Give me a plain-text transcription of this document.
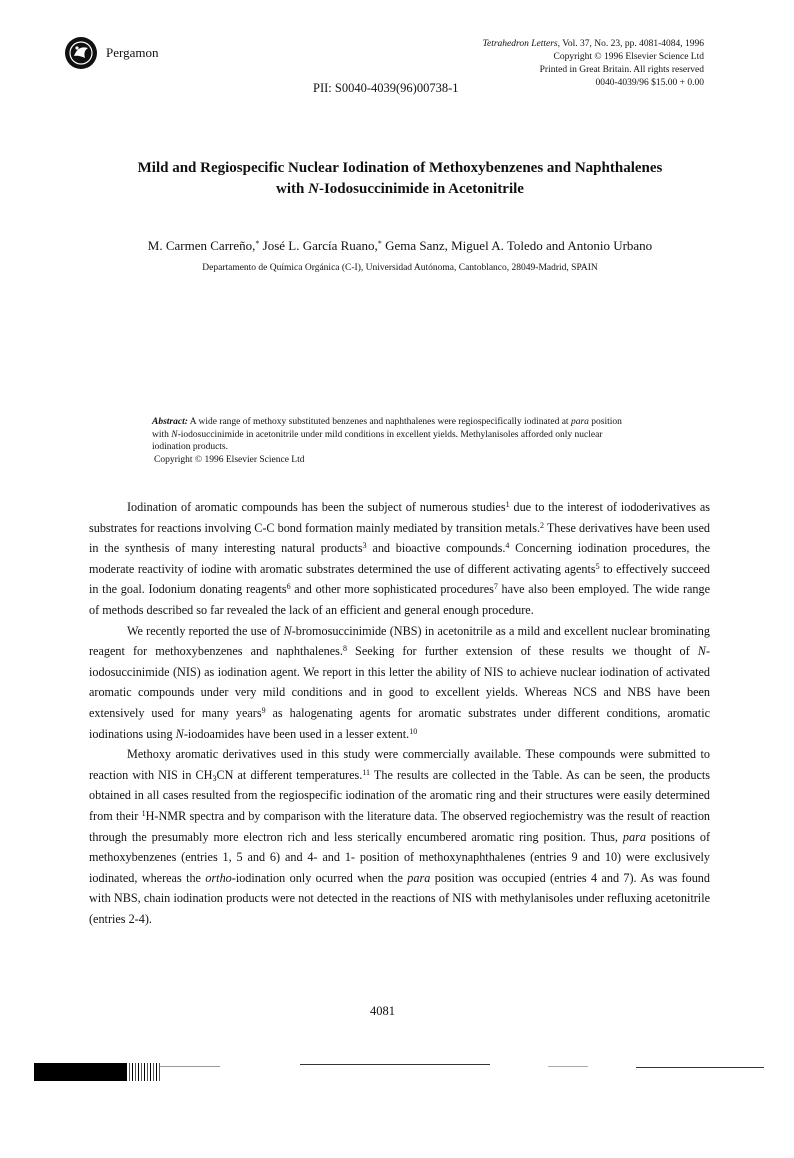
Pergamon
Tetrahedron Letters, Vol. 37, No. 23, pp. 4081-4084, 1996
Copyright © 1996 Elsevier Science Ltd
Printed in Great Britain. All rights reserved
0040-4039/96 $15.00 + 0.00
PII: S0040-4039(96)00738-1
Mild and Regiospecific Nuclear Iodination of Methoxybenzenes and Naphthalenes
with N-Iodosuccinimide in Acetonitrile
M. Carmen Carreño,* José L. García Ruano,* Gema Sanz, Miguel A. Toledo and Antonio Urbano
Departamento de Química Orgánica (C-I), Universidad Autónoma, Cantoblanco, 28049-Madrid, SPAIN
Abstract: A wide range of methoxy substituted benzenes and naphthalenes were regiospecifically iodinated at para position with N-iodosuccinimide in acetonitrile under mild conditions in excellent yields. Methylanisoles afforded only nuclear iodination products.
Copyright © 1996 Elsevier Science Ltd

Iodination of aromatic compounds has been the subject of numerous studies$^1$ due to the interest of iododerivatives as substrates for reactions involving C-C bond formation mainly mediated by transition metals.$^2$ These derivatives have been used in the synthesis of many interesting natural products$^3$ and bioactive compounds.$^4$ Concerning iodination procedures, the moderate reactivity of iodine with aromatic substrates determined the use of different activating agents$^5$ to effectively succeed in the goal. Iodonium donating reagents$^6$ and other more sophisticated procedures$^7$ have also been employed. The wide range of methods described so far revealed the lack of an efficient and general enough procedure.

We recently reported the use of N-bromosuccinimide (NBS) in acetonitrile as a mild and excellent nuclear brominating reagent for methoxybenzenes and naphthalenes.$^8$ Seeking for further extension of these results we thought of N-iodosuccinimide (NIS) as iodination agent. We report in this letter the ability of NIS to achieve nuclear iodination of activated aromatic compounds under very mild conditions and in good to excellent yields. Whereas NCS and NBS have been extensively used for many years$^9$ as halogenating agents for aromatic substrates under different conditions, aromatic iodinations using N-iodoamides have been used in a lesser extent.$^{10}$

Methoxy aromatic derivatives used in this study were commercially available. These compounds were submitted to reaction with NIS in $CH_3CN$ at different temperatures.$^{11}$ The results are collected in the Table. As can be seen, the products obtained in all cases resulted from the regiospecific iodination of the aromatic ring and their structures were easily determined from their $^1$H-NMR spectra and by comparison with the literature data. The observed regiochemistry was the result of reaction through the presumably more electron rich and less sterically encumbered aromatic ring position. Thus, para positions of methoxybenzenes (entries 1, 5 and 6) and 4- and 1- position of methoxynaphthalenes (entries 9 and 10) were exclusively iodinated, whereas the ortho-iodination only ocurred when the para position was occupied (entries 4 and 7). As was found with NBS, chain iodination products were not detected in the reactions of NIS with methylanisoles under refluxing acetonitrile (entries 2-4).

4081
